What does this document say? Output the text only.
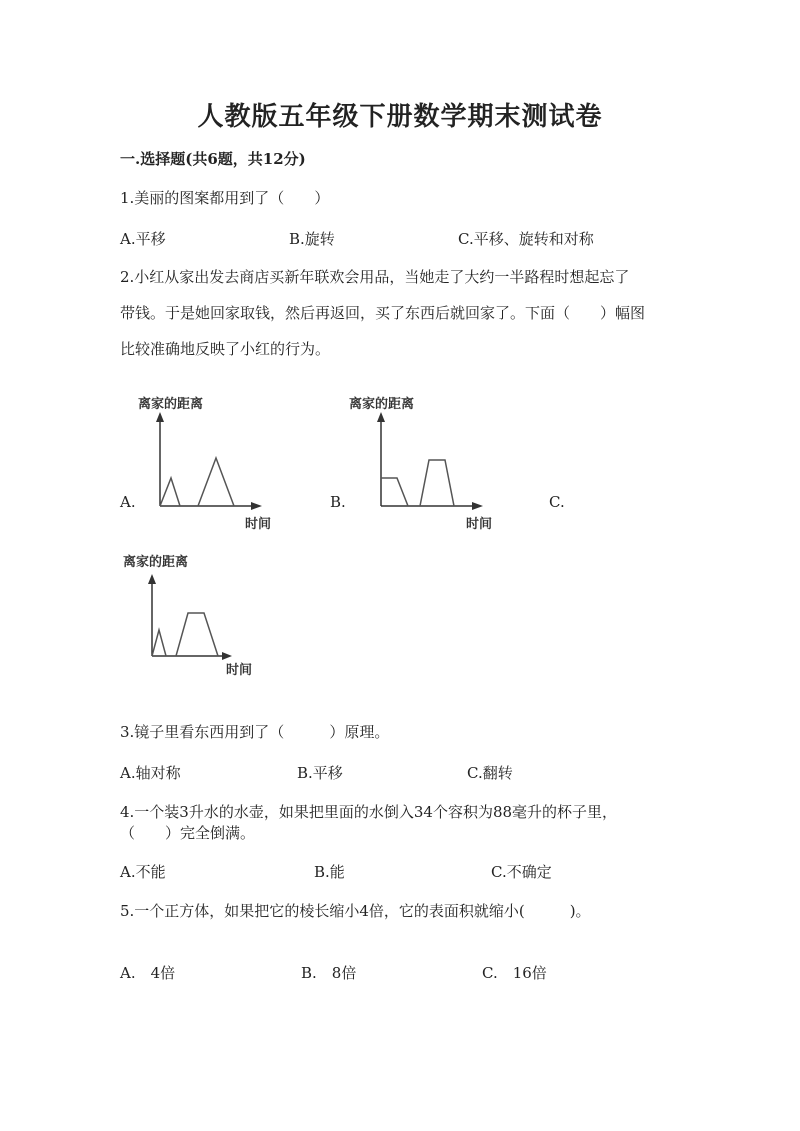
人教版五年级下册数学期末测试卷
一.选择题(共6题，共12分)
1.美丽的图案都用到了（　　）
A.平移	B.旋转	C.平移、旋转和对称
2.小红从家出发去商店买新年联欢会用品，当她走了大约一半路程时想起忘了
带钱。于是她回家取钱，然后再返回，买了东西后就回家了。下面（　　）幅图
比较准确地反映了小红的行为。
A.	B.	C.
离家的距离
时间
离家的距离
时间
离家的距离
时间
3.镜子里看东西用到了（　　　）原理。
A.轴对称	B.平移	C.翻转
4.一个装3升水的水壶，如果把里面的水倒入34个容积为88毫升的杯子里，
（　　）完全倒满。
A.不能	B.能	C.不确定
5.一个正方体，如果把它的棱长缩小4倍，它的表面积就缩小(　　　)。
A.　4倍	B.　8倍	C.　16倍
